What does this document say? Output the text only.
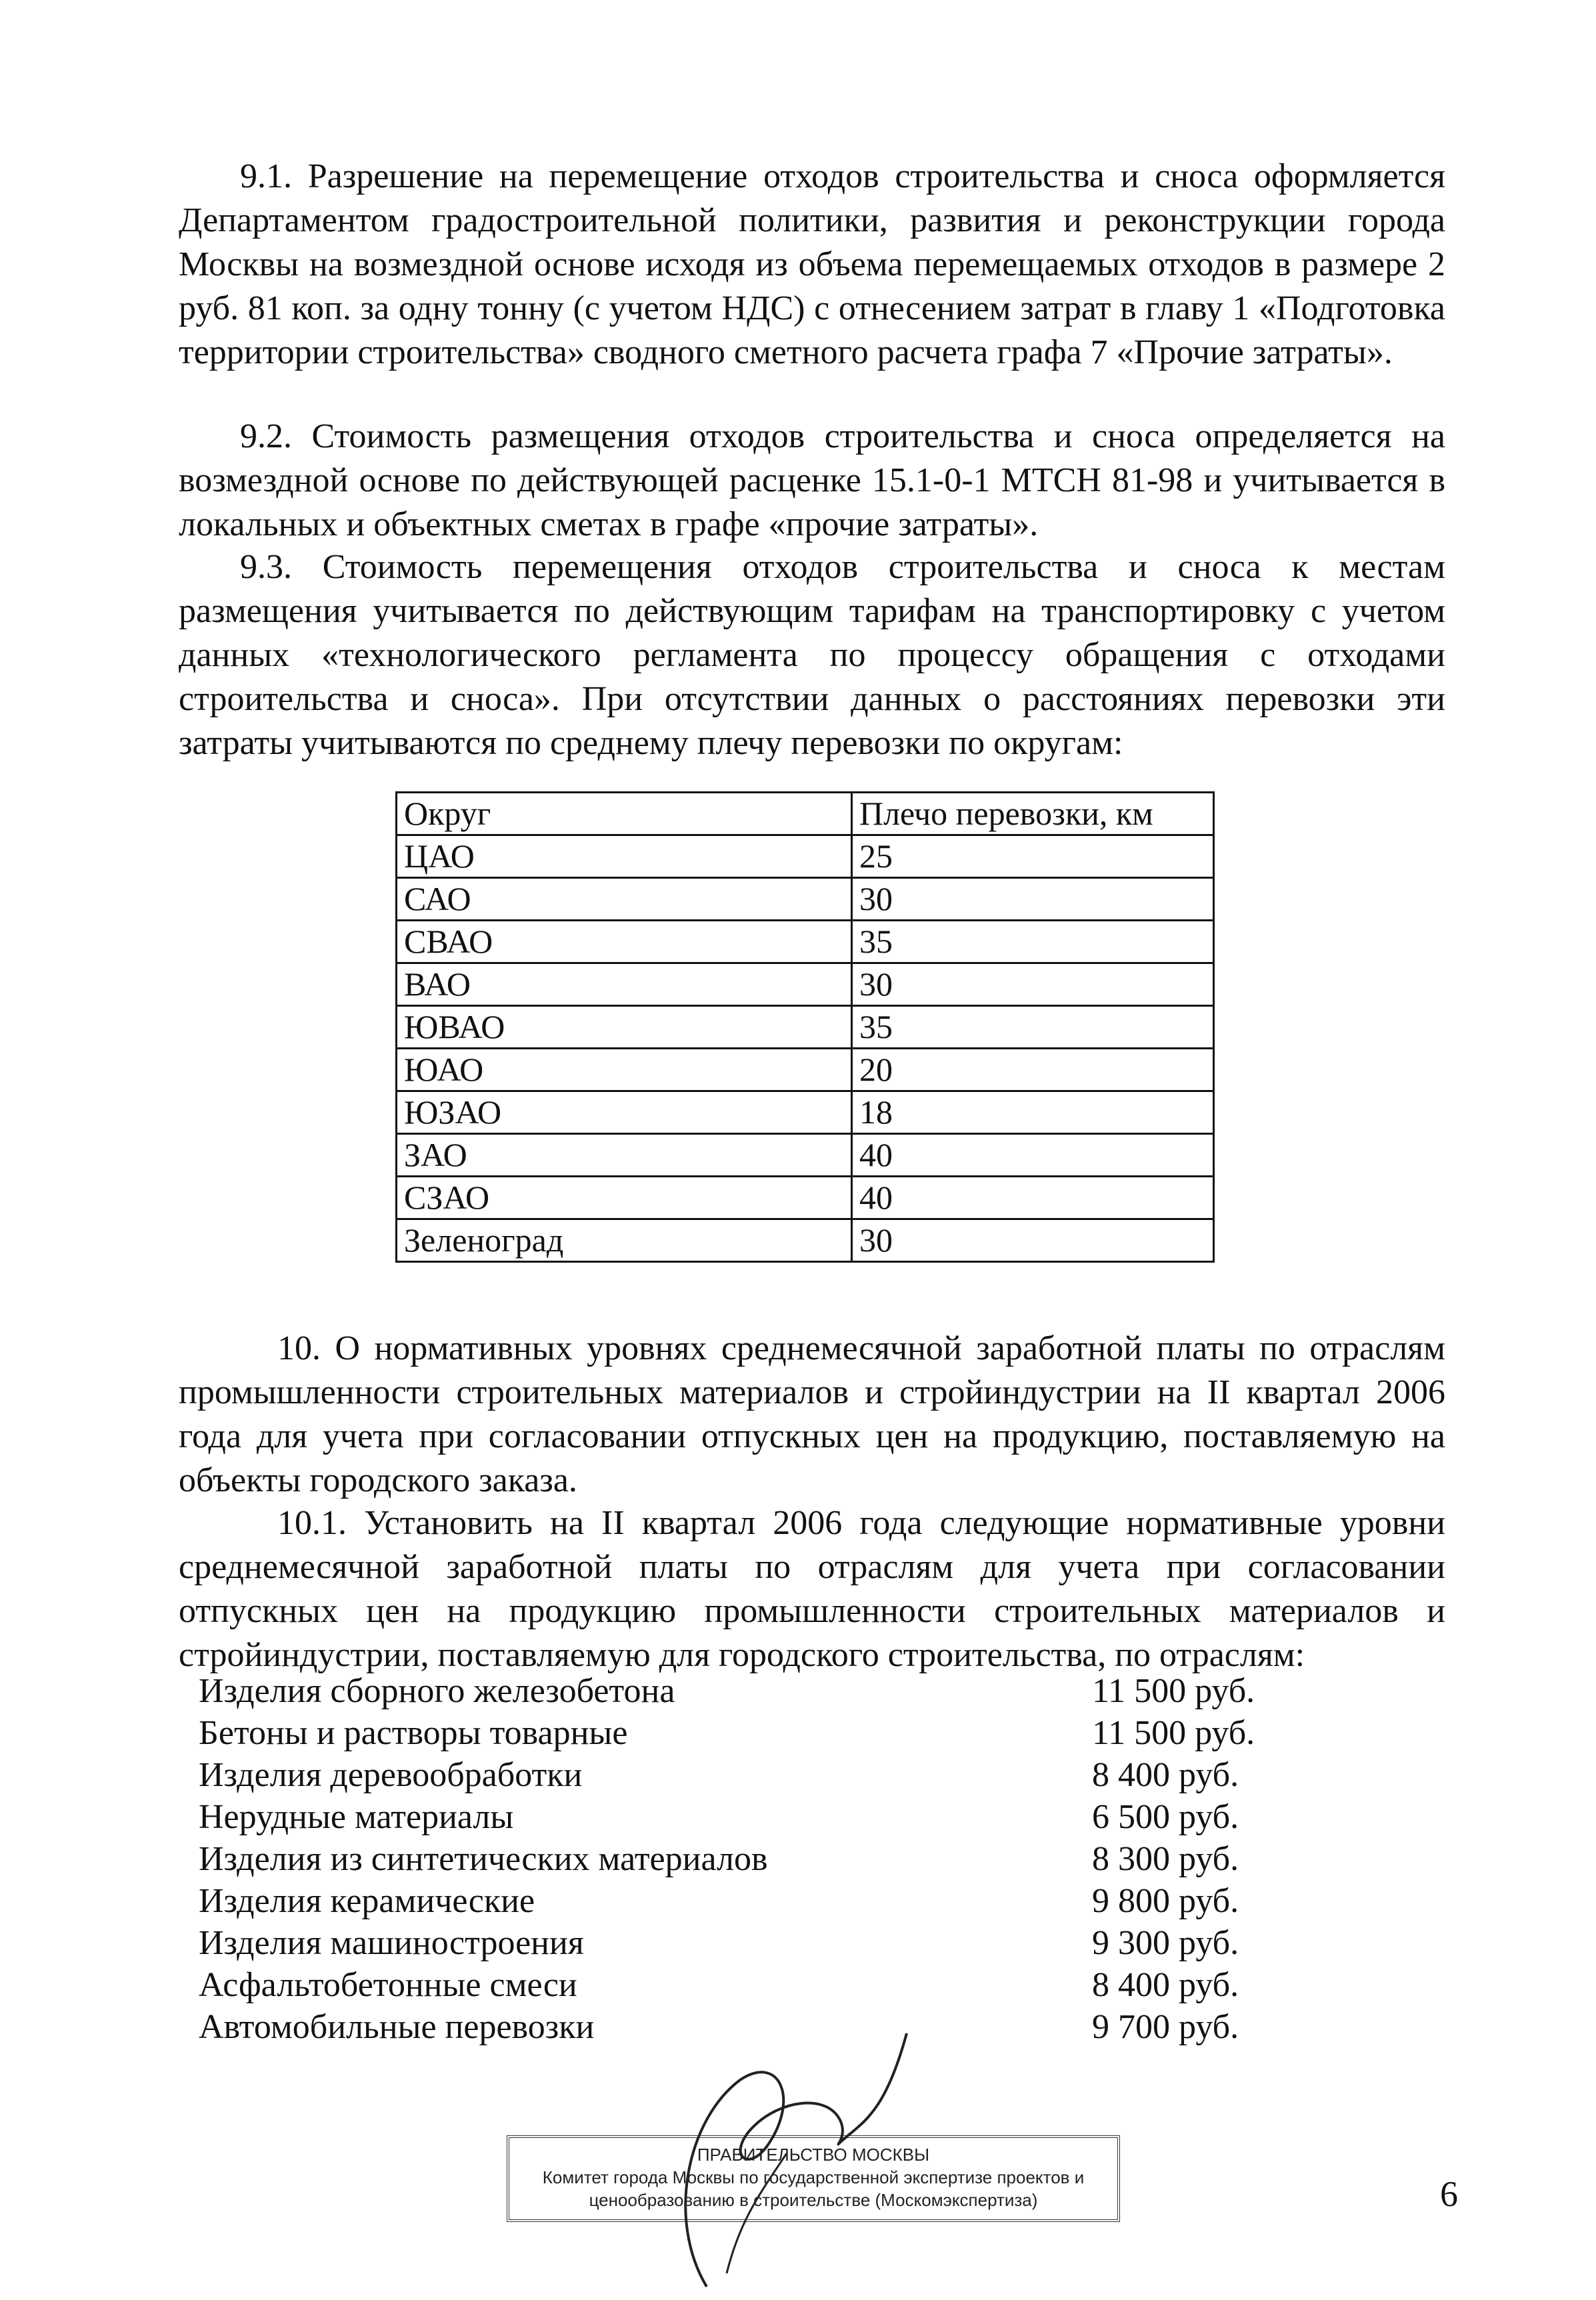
9.1. Разрешение на перемещение отходов строительства и сноса оформляется Департаментом градостроительной политики, развития и реконструкции города Москвы на возмездной основе исходя из объема перемещаемых отходов в размере 2 руб. 81 коп. за одну тонну (с учетом НДС) с отнесением затрат в главу 1 «Подготовка территории строительства» сводного сметного расчета графа 7 «Прочие затраты».

9.2. Стоимость размещения отходов строительства и сноса определяется на возмездной основе по действующей расценке 15.1-0-1 МТСН 81-98 и учитывается в локальных и объектных сметах в графе «прочие затраты».

9.3. Стоимость перемещения отходов строительства и сноса к местам размещения учитывается по действующим тарифам на транспортировку с учетом данных «технологического регламента по процессу обращения с отходами строительства и сноса». При отсутствии данных о расстояниях перевозки эти затраты учитываются по среднему плечу перевозки по округам:

Округ	Плечо перевозки, км
ЦАО	25
САО	30
СВАО	35
ВАО	30
ЮВАО	35
ЮАО	20
ЮЗАО	18
ЗАО	40
СЗАО	40
Зеленоград	30

10. О нормативных уровнях среднемесячной заработной платы по отраслям промышленности строительных материалов и стройиндустрии на II квартал 2006 года для учета при согласовании отпускных цен на продукцию, поставляемую на объекты городского заказа.

10.1. Установить на II квартал 2006 года следующие нормативные уровни среднемесячной заработной платы по отраслям для учета при согласовании отпускных цен на продукцию промышленности строительных материалов и стройиндустрии, поставляемую для городского строительства, по отраслям:

Изделия сборного железобетона	11 500 руб.
Бетоны и растворы товарные	11 500 руб.
Изделия деревообработки	8 400 руб.
Нерудные материалы	6 500 руб.
Изделия из синтетических материалов	8 300 руб.
Изделия керамические	9 800 руб.
Изделия машиностроения	9 300 руб.
Асфальтобетонные смеси	8 400 руб.
Автомобильные перевозки	9 700 руб.
ПРАВИТЕЛЬСТВО МОСКВЫ
Комитет города Москвы по государственной экспертизе проектов и
ценообразованию в строительстве (Москомэкспертиза)	6
